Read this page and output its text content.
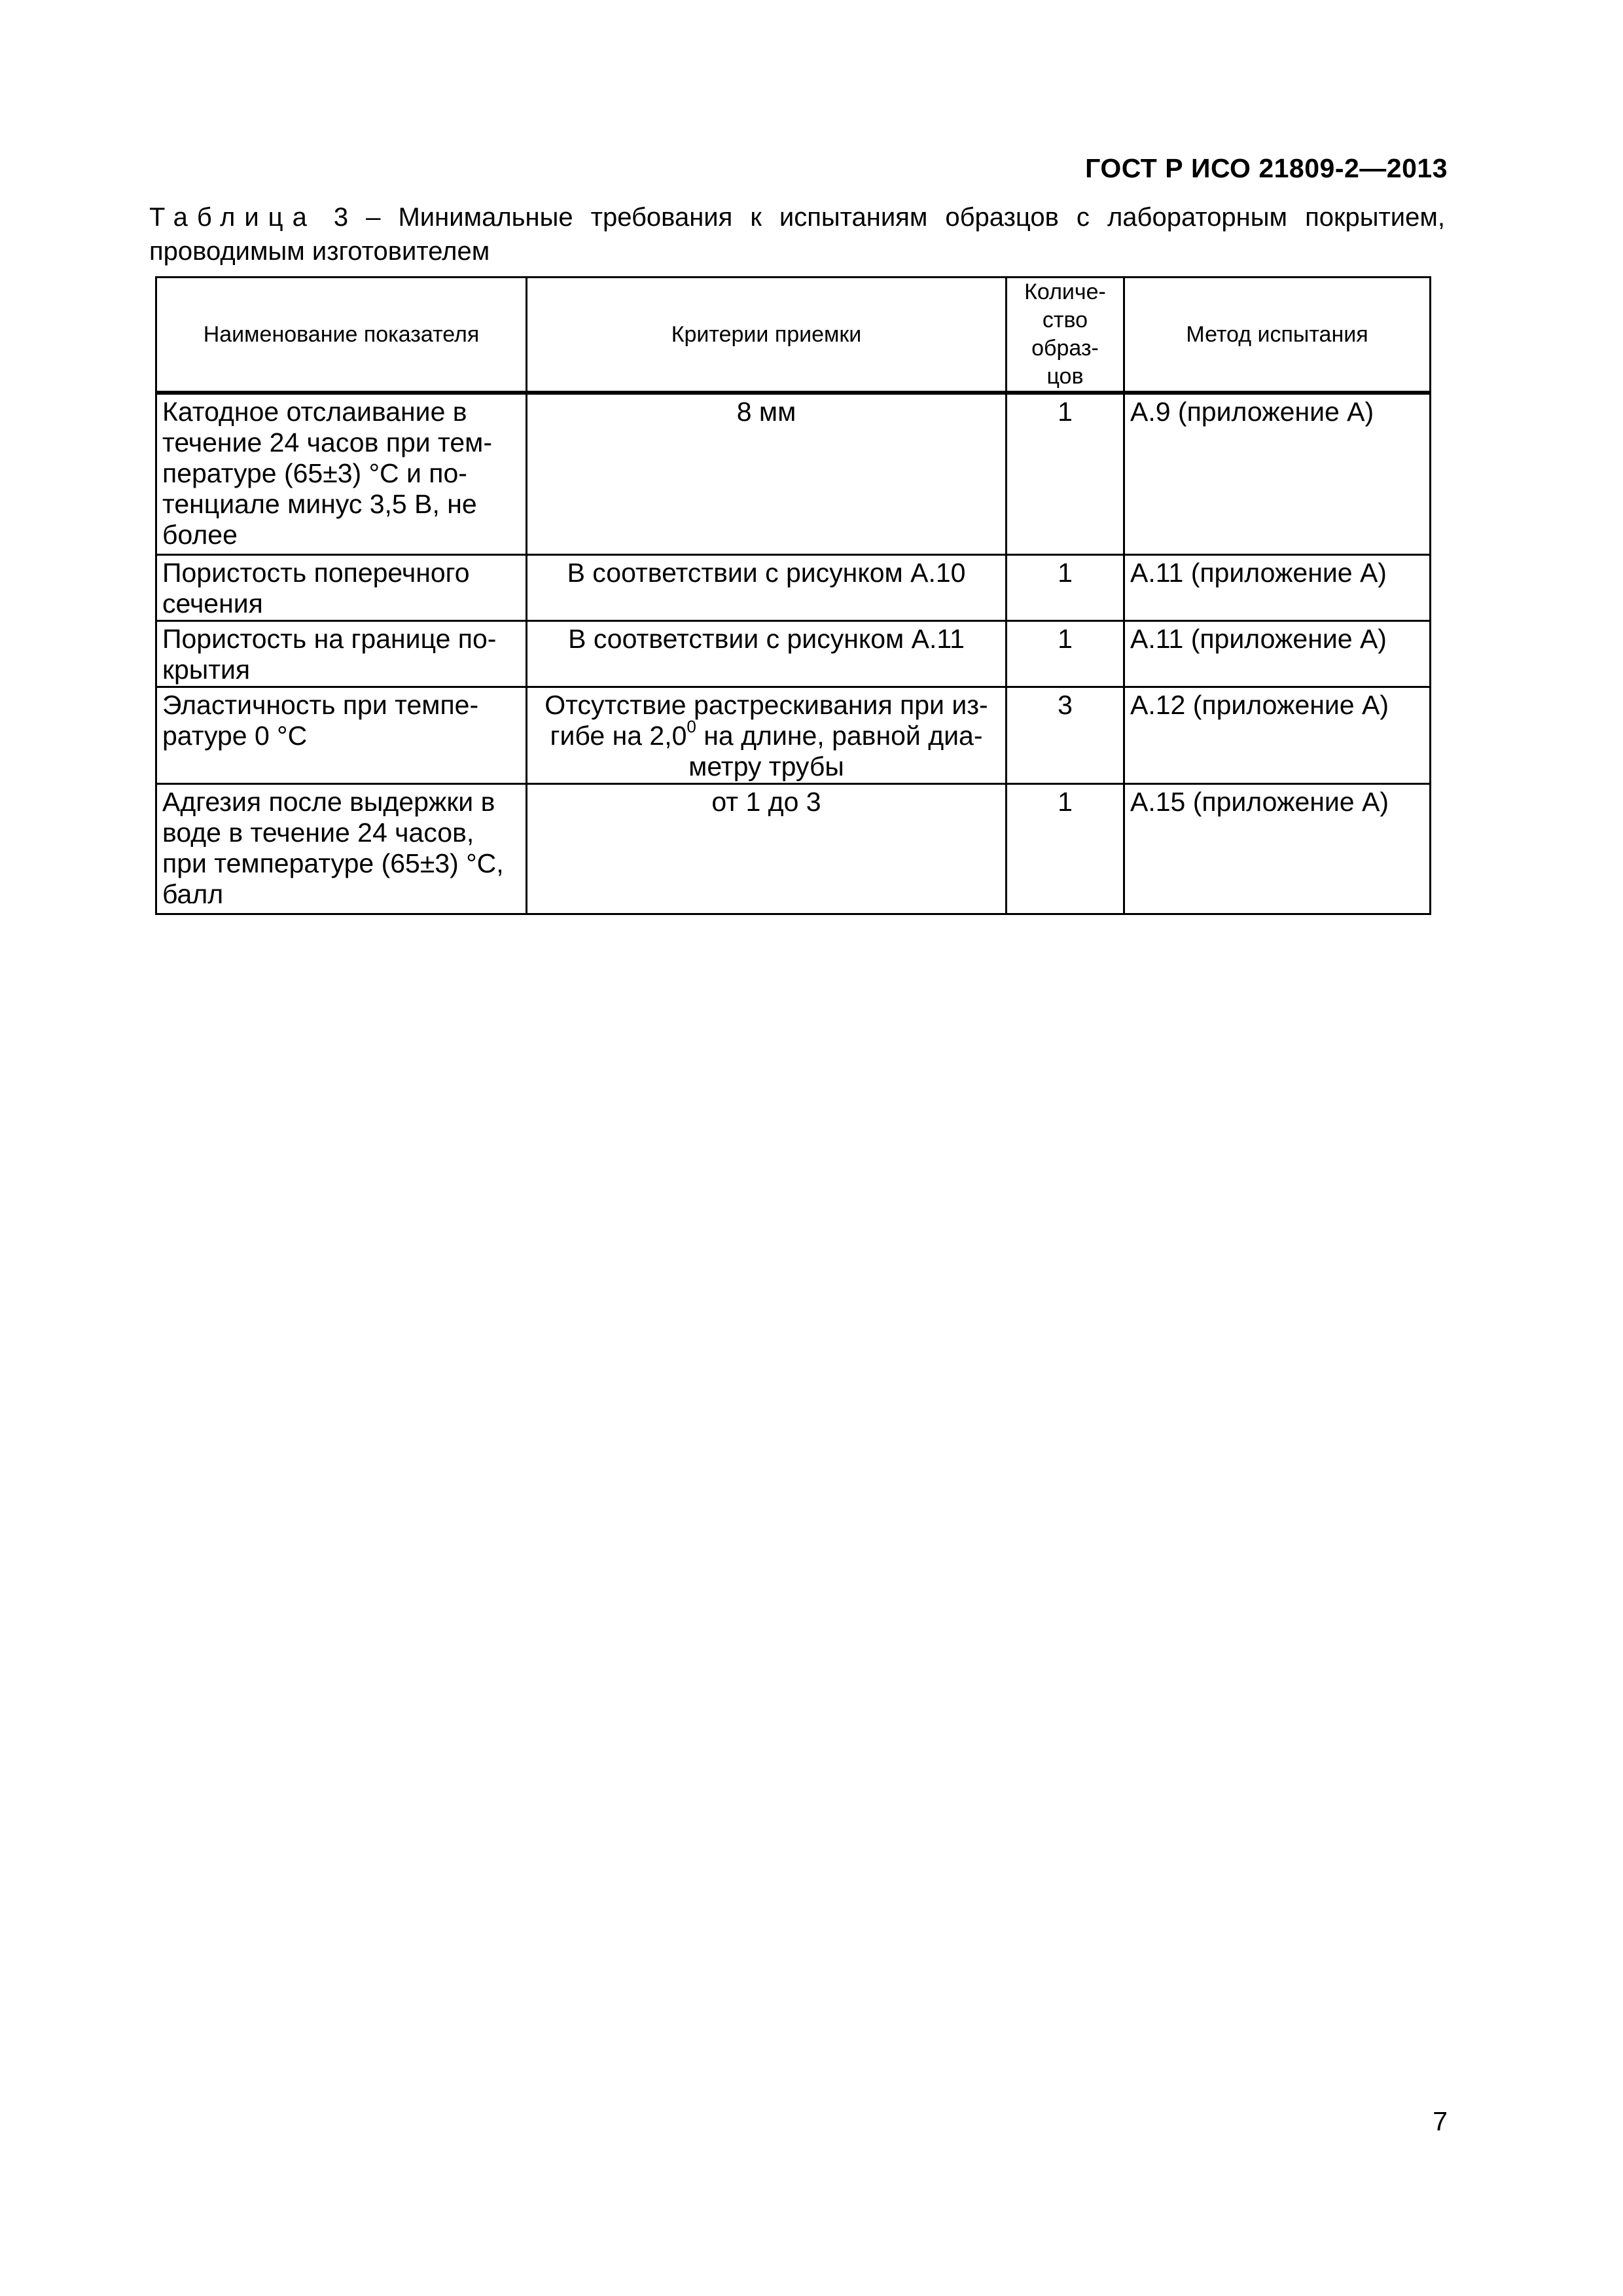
ГОСТ Р ИСО 21809-2—2013
Таблица 3 – Минимальные требования к испытаниям образцов с лабораторным покрытием, проводимым изготовителем
Наименование показателя	Критерии приемки	Количе- ство образ- цов	Метод испытания
Катодное отслаивание в течение 24 часов при тем- пературе (65±3) °С и по- тенциале минус 3,5 В, не более	8 мм	1	А.9 (приложение А)
Пористость поперечного сечения	В соответствии с рисунком А.10	1	А.11 (приложение А)
Пористость на границе по- крытия	В соответствии с рисунком А.11	1	А.11 (приложение А)
Эластичность при темпе- ратуре 0 °С	Отсутствие растрескивания при из- гибе на $2,0^0$ на длине, равной диа- метру трубы	3	А.12 (приложение А)
Адгезия после выдержки в воде в течение 24 часов, при температуре (65±3) °С, балл	от 1 до 3	1	А.15 (приложение А)
7
